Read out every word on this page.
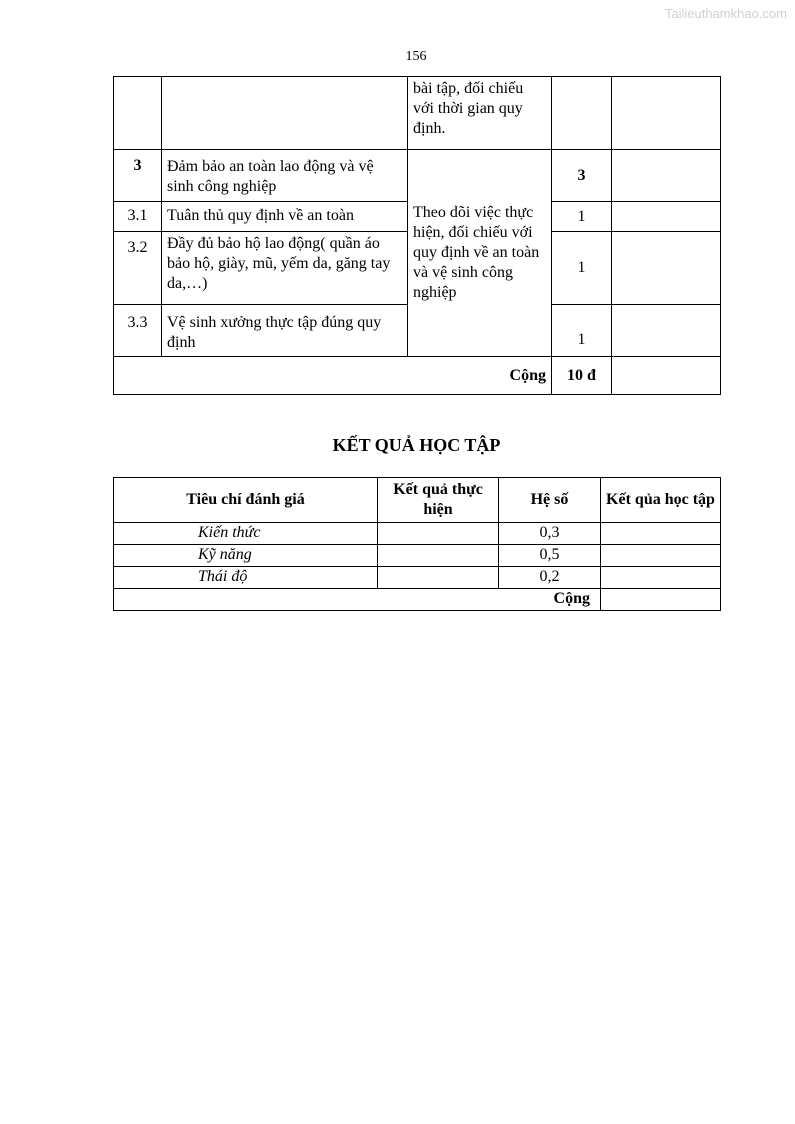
Tailieuthamkhao.com
156
		bài tập, đối chiếu với thời gian quy định.		
3	Đảm bảo an toàn lao động và vệ sinh công nghiệp	Theo dõi việc thực hiện, đối chiếu với quy định về an toàn và vệ sinh công nghiệp	3	
3.1	Tuân thủ quy định về an toàn		1	
3.2	Đầy đủ bảo hộ lao động( quần áo bảo hộ, giày, mũ, yếm da, găng tay da,…)		1	
3.3	Vệ sinh xưởng thực tập đúng quy định		1	
Cộng			10 đ	
KẾT QUẢ HỌC TẬP
Tiêu chí đánh giá	Kết quả thực hiện	Hệ số	Kết qủa học tập
Kiến thức		0,3	
Kỹ năng		0,5	
Thái độ		0,2	
Cộng			
